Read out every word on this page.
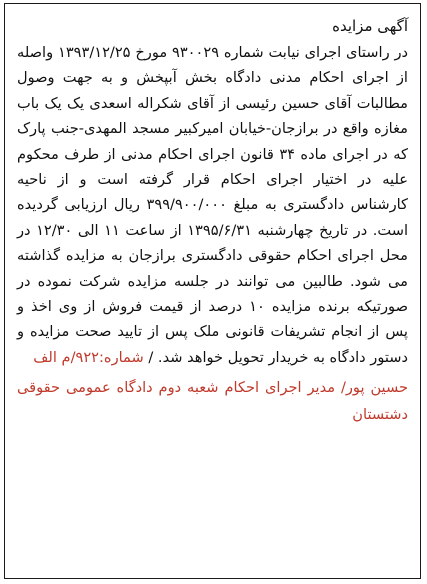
آگهی مزایده

در راستای اجرای نیابت شماره ۹۳۰۰۲۹ مورخ ۱۳۹۳/۱۲/۲۵ واصله از اجرای احکام مدنی دادگاه بخش آبپخش و به جهت وصول مطالبات آقای حسین رئیسی از آقای شکراله اسعدی یک یک باب مغازه واقع در برازجان-خیابان امیرکبیر مسجد المهدی-جنب پارک که در اجرای ماده ۳۴ قانون اجرای احکام مدنی از طرف محکوم علیه در اختیار اجرای احکام قرار گرفته است و از ناحیه کارشناس دادگستری به مبلغ ۳۹۹/۹۰۰/۰۰۰ ریال ارزیابی گردیده است. در تاریخ چهارشنبه ۱۳۹۵/۶/۳۱ از ساعت ۱۱ الی ۱۲/۳۰ در محل اجرای احکام حقوقی دادگستری برازجان به مزایده گذاشته می شود. طالبین می توانند در جلسه مزایده شرکت نموده در صورتیکه برنده مزایده ۱۰ درصد از قیمت فروش از وی اخذ و پس از انجام تشریفات قانونی ملک پس از تایید صحت مزایده و دستور دادگاه به خریدار تحویل خواهد شد. / شماره:۹۲۲/م الف

حسین پور/ مدیر اجرای احکام شعبه دوم دادگاه عمومی حقوقی دشتستان
